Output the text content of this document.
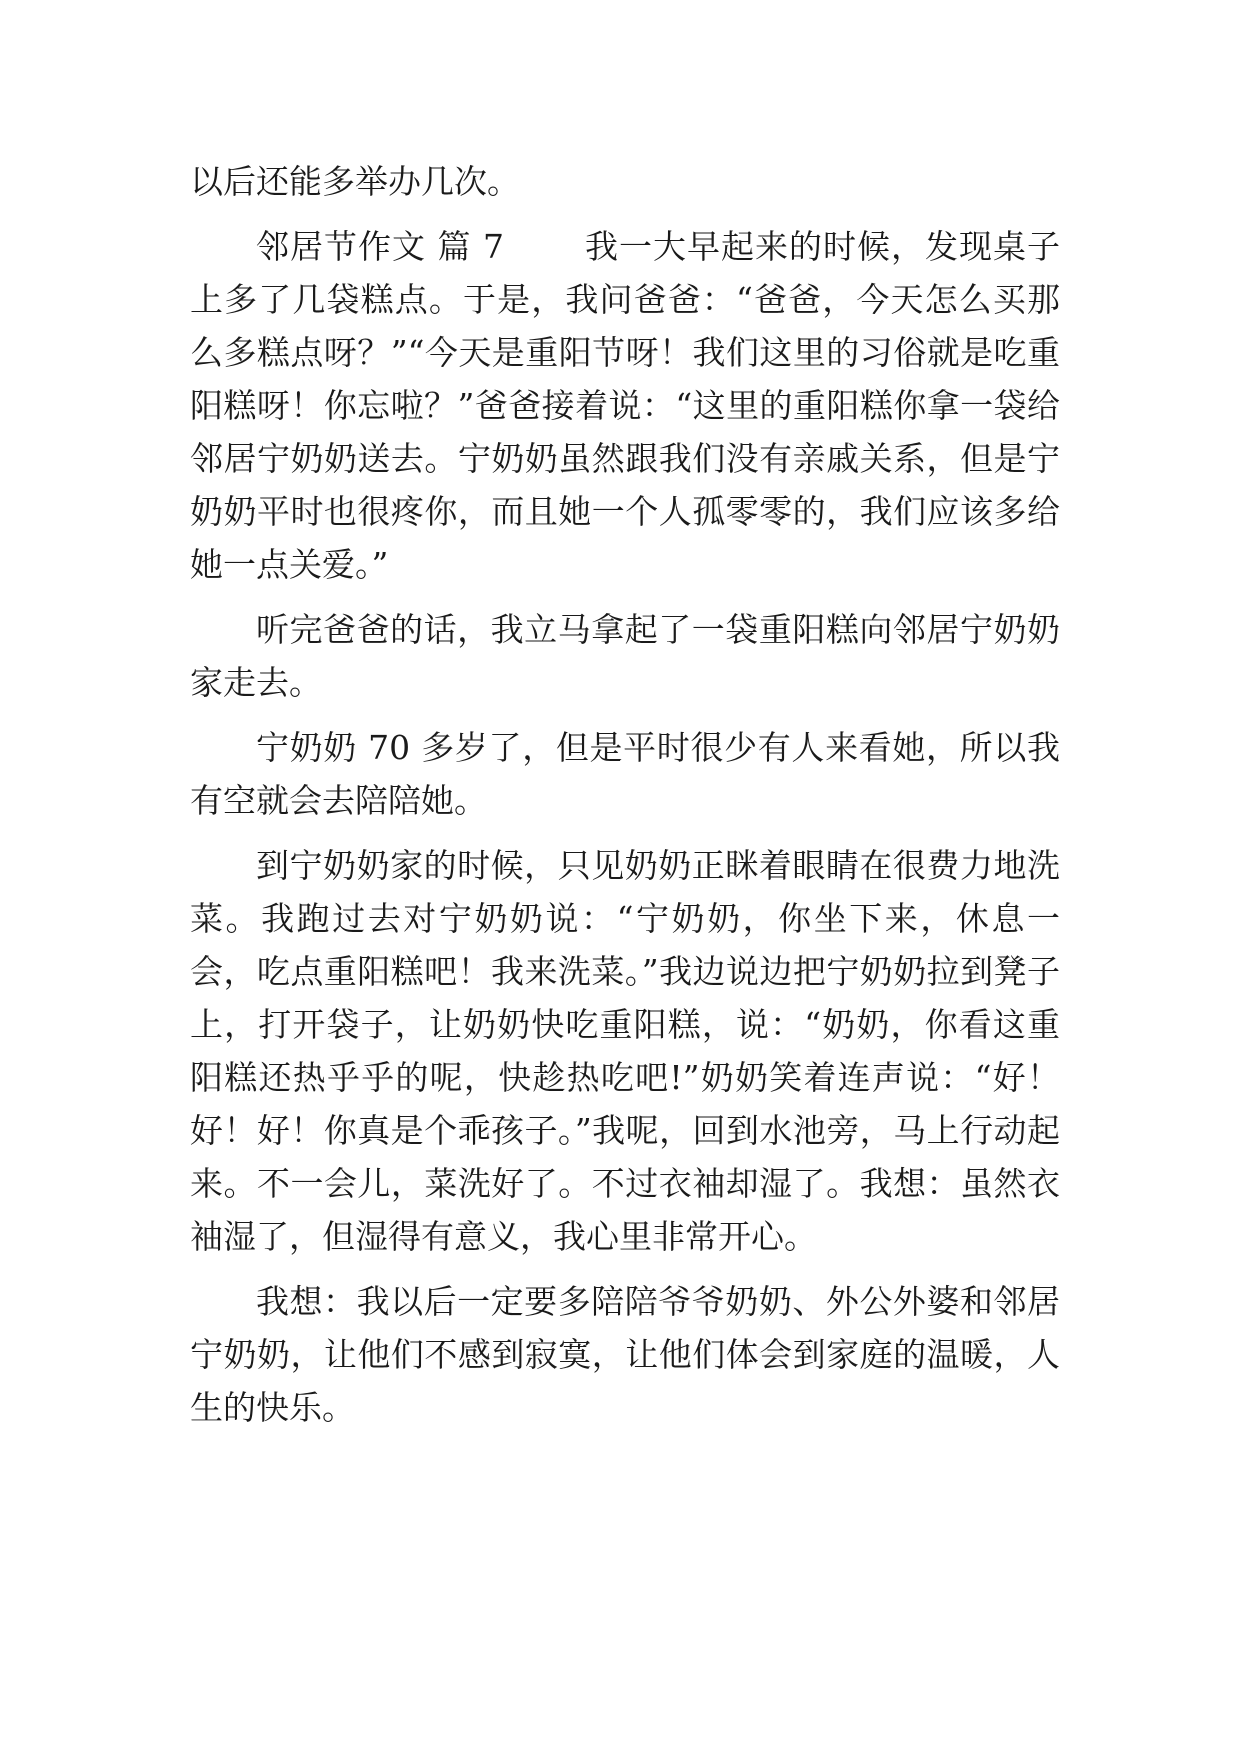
以后还能多举办几次。

邻居节作文 篇 7 我一大早起来的时候，发现桌子上多了几袋糕点。于是，我问爸爸：“爸爸，今天怎么买那么多糕点呀？”“今天是重阳节呀！我们这里的习俗就是吃重阳糕呀！你忘啦？”爸爸接着说：“这里的重阳糕你拿一袋给邻居宁奶奶送去。宁奶奶虽然跟我们没有亲戚关系，但是宁奶奶平时也很疼你，而且她一个人孤零零的，我们应该多给她一点关爱。”

听完爸爸的话，我立马拿起了一袋重阳糕向邻居宁奶奶家走去。

宁奶奶 70 多岁了，但是平时很少有人来看她，所以我有空就会去陪陪她。

到宁奶奶家的时候，只见奶奶正眯着眼睛在很费力地洗菜。我跑过去对宁奶奶说：“宁奶奶，你坐下来，休息一会，吃点重阳糕吧！我来洗菜。”我边说边把宁奶奶拉到凳子上，打开袋子，让奶奶快吃重阳糕，说：“奶奶，你看这重阳糕还热乎乎的呢，快趁热吃吧!”奶奶笑着连声说：“好！好！好！你真是个乖孩子。”我呢，回到水池旁，马上行动起来。不一会儿，菜洗好了。不过衣袖却湿了。我想：虽然衣袖湿了，但湿得有意义，我心里非常开心。

我想：我以后一定要多陪陪爷爷奶奶、外公外婆和邻居宁奶奶，让他们不感到寂寞，让他们体会到家庭的温暖，人生的快乐。
